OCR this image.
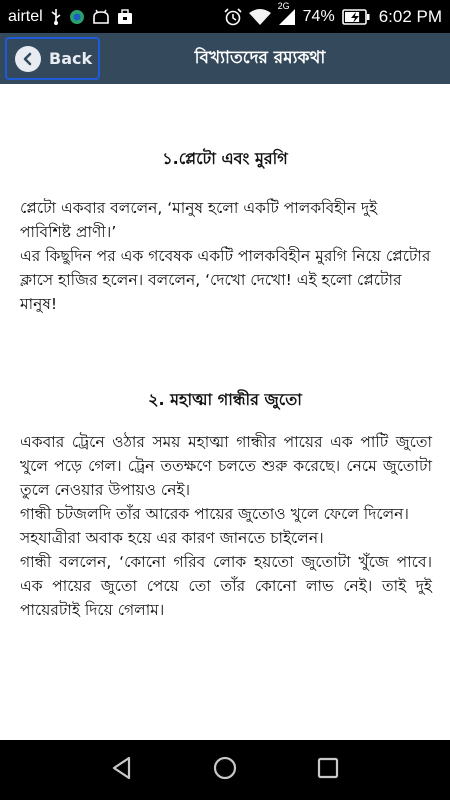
airtel
2G
74%	6:02 PM
বিখ্যাতদের রম্যকথা
Back
১.প্লেটো এবং মুরগি
প্লেটো একবার বললেন, ‘মানুষ হলো একটি পালকবিহীন দুই পাবিশিষ্ট প্রাণী।’
এর কিছুদিন পর এক গবেষক একটি পালকবিহীন মুরগি নিয়ে প্লেটোর ক্লাসে হাজির হলেন। বললেন, ‘দেখো দেখো! এই হলো প্লেটোর মানুষ!
২. মহাত্মা গান্ধীর জুতো
একবার ট্রেনে ওঠার সময় মহাত্মা গান্ধীর পায়ের এক পাটি জুতো খুলে পড়ে গেল। ট্রেন ততক্ষণে চলতে শুরু করেছে। নেমে জুতোটা তুলে নেওয়ার উপায়ও নেই।
গান্ধী চটজলদি তাঁর আরেক পায়ের জুতোও খুলে ফেলে দিলেন।
সহযাত্রীরা অবাক হয়ে এর কারণ জানতে চাইলেন।
গান্ধী বললেন, ‘কোনো গরিব লোক হয়তো জুতোটা খুঁজে পাবে। এক পায়ের জুতো পেয়ে তো তাঁর কোনো লাভ নেই। তাই দুই পায়েরটাই দিয়ে গেলাম।
